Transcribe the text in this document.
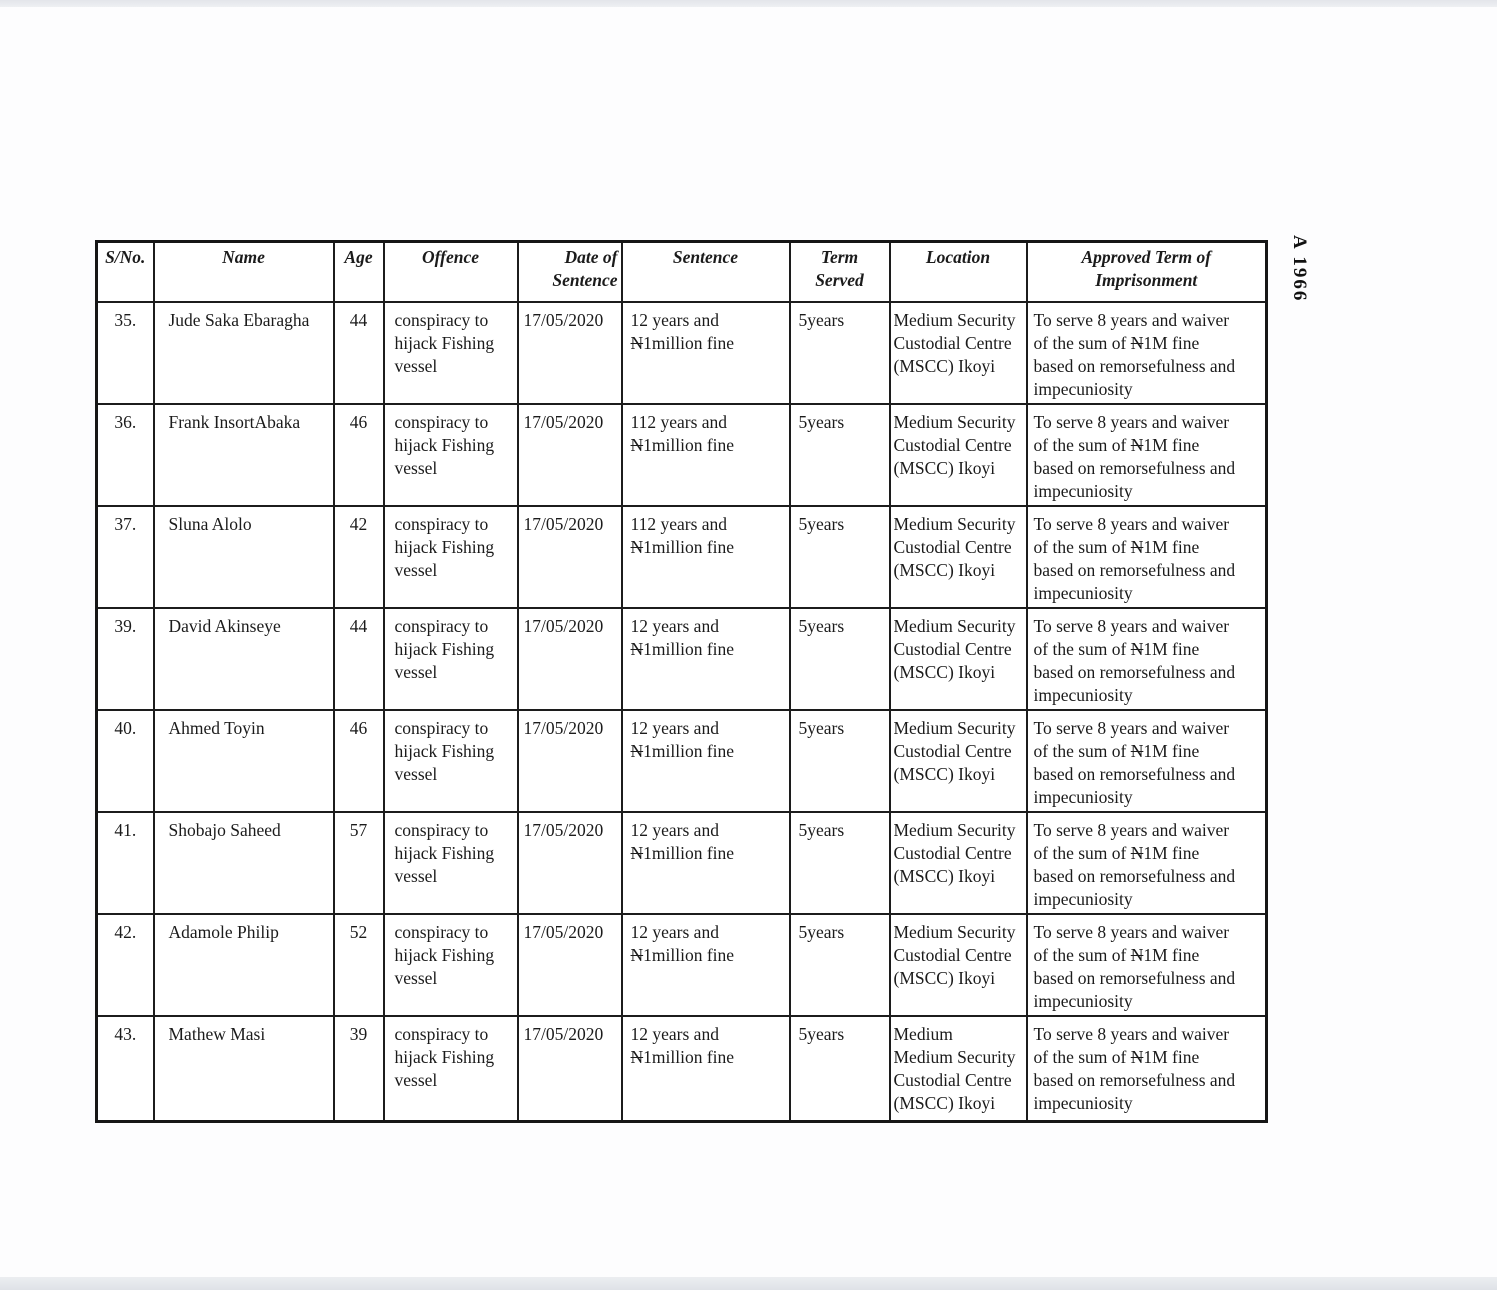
A 1966
S/No.	Name	Age	Offence	Date of
Sentence	Sentence	Term
Served	Location	Approved Term of
Imprisonment
35.	Jude Saka Ebaragha	44	conspiracy to
hijack Fishing
vessel	17/05/2020	12 years and
N1million fine	5years	Medium Security
Custodial Centre
(MSCC) Ikoyi	To serve 8 years and waiver
of the sum of N1M fine
based on remorsefulness and
impecuniosity
36.	Frank InsortAbaka	46	conspiracy to
hijack Fishing
vessel	17/05/2020	112 years and
N1million fine	5years	Medium Security
Custodial Centre
(MSCC) Ikoyi	To serve 8 years and waiver
of the sum of N1M fine
based on remorsefulness and
impecuniosity
37.	Sluna Alolo	42	conspiracy to
hijack Fishing
vessel	17/05/2020	112 years and
N1million fine	5years	Medium Security
Custodial Centre
(MSCC) Ikoyi	To serve 8 years and waiver
of the sum of N1M fine
based on remorsefulness and
impecuniosity
39.	David Akinseye	44	conspiracy to
hijack Fishing
vessel	17/05/2020	12 years and
N1million fine	5years	Medium Security
Custodial Centre
(MSCC) Ikoyi	To serve 8 years and waiver
of the sum of N1M fine
based on remorsefulness and
impecuniosity
40.	Ahmed Toyin	46	conspiracy to
hijack Fishing
vessel	17/05/2020	12 years and
N1million fine	5years	Medium Security
Custodial Centre
(MSCC) Ikoyi	To serve 8 years and waiver
of the sum of N1M fine
based on remorsefulness and
impecuniosity
41.	Shobajo Saheed	57	conspiracy to
hijack Fishing
vessel	17/05/2020	12 years and
N1million fine	5years	Medium Security
Custodial Centre
(MSCC) Ikoyi	To serve 8 years and waiver
of the sum of N1M fine
based on remorsefulness and
impecuniosity
42.	Adamole Philip	52	conspiracy to
hijack Fishing
vessel	17/05/2020	12 years and
N1million fine	5years	Medium Security
Custodial Centre
(MSCC) Ikoyi	To serve 8 years and waiver
of the sum of N1M fine
based on remorsefulness and
impecuniosity
43.	Mathew Masi	39	conspiracy to
hijack Fishing
vessel	17/05/2020	12 years and
N1million fine	5years	Medium
Medium Security
Custodial Centre
(MSCC) Ikoyi	To serve 8 years and waiver
of the sum of N1M fine
based on remorsefulness and
impecuniosity
